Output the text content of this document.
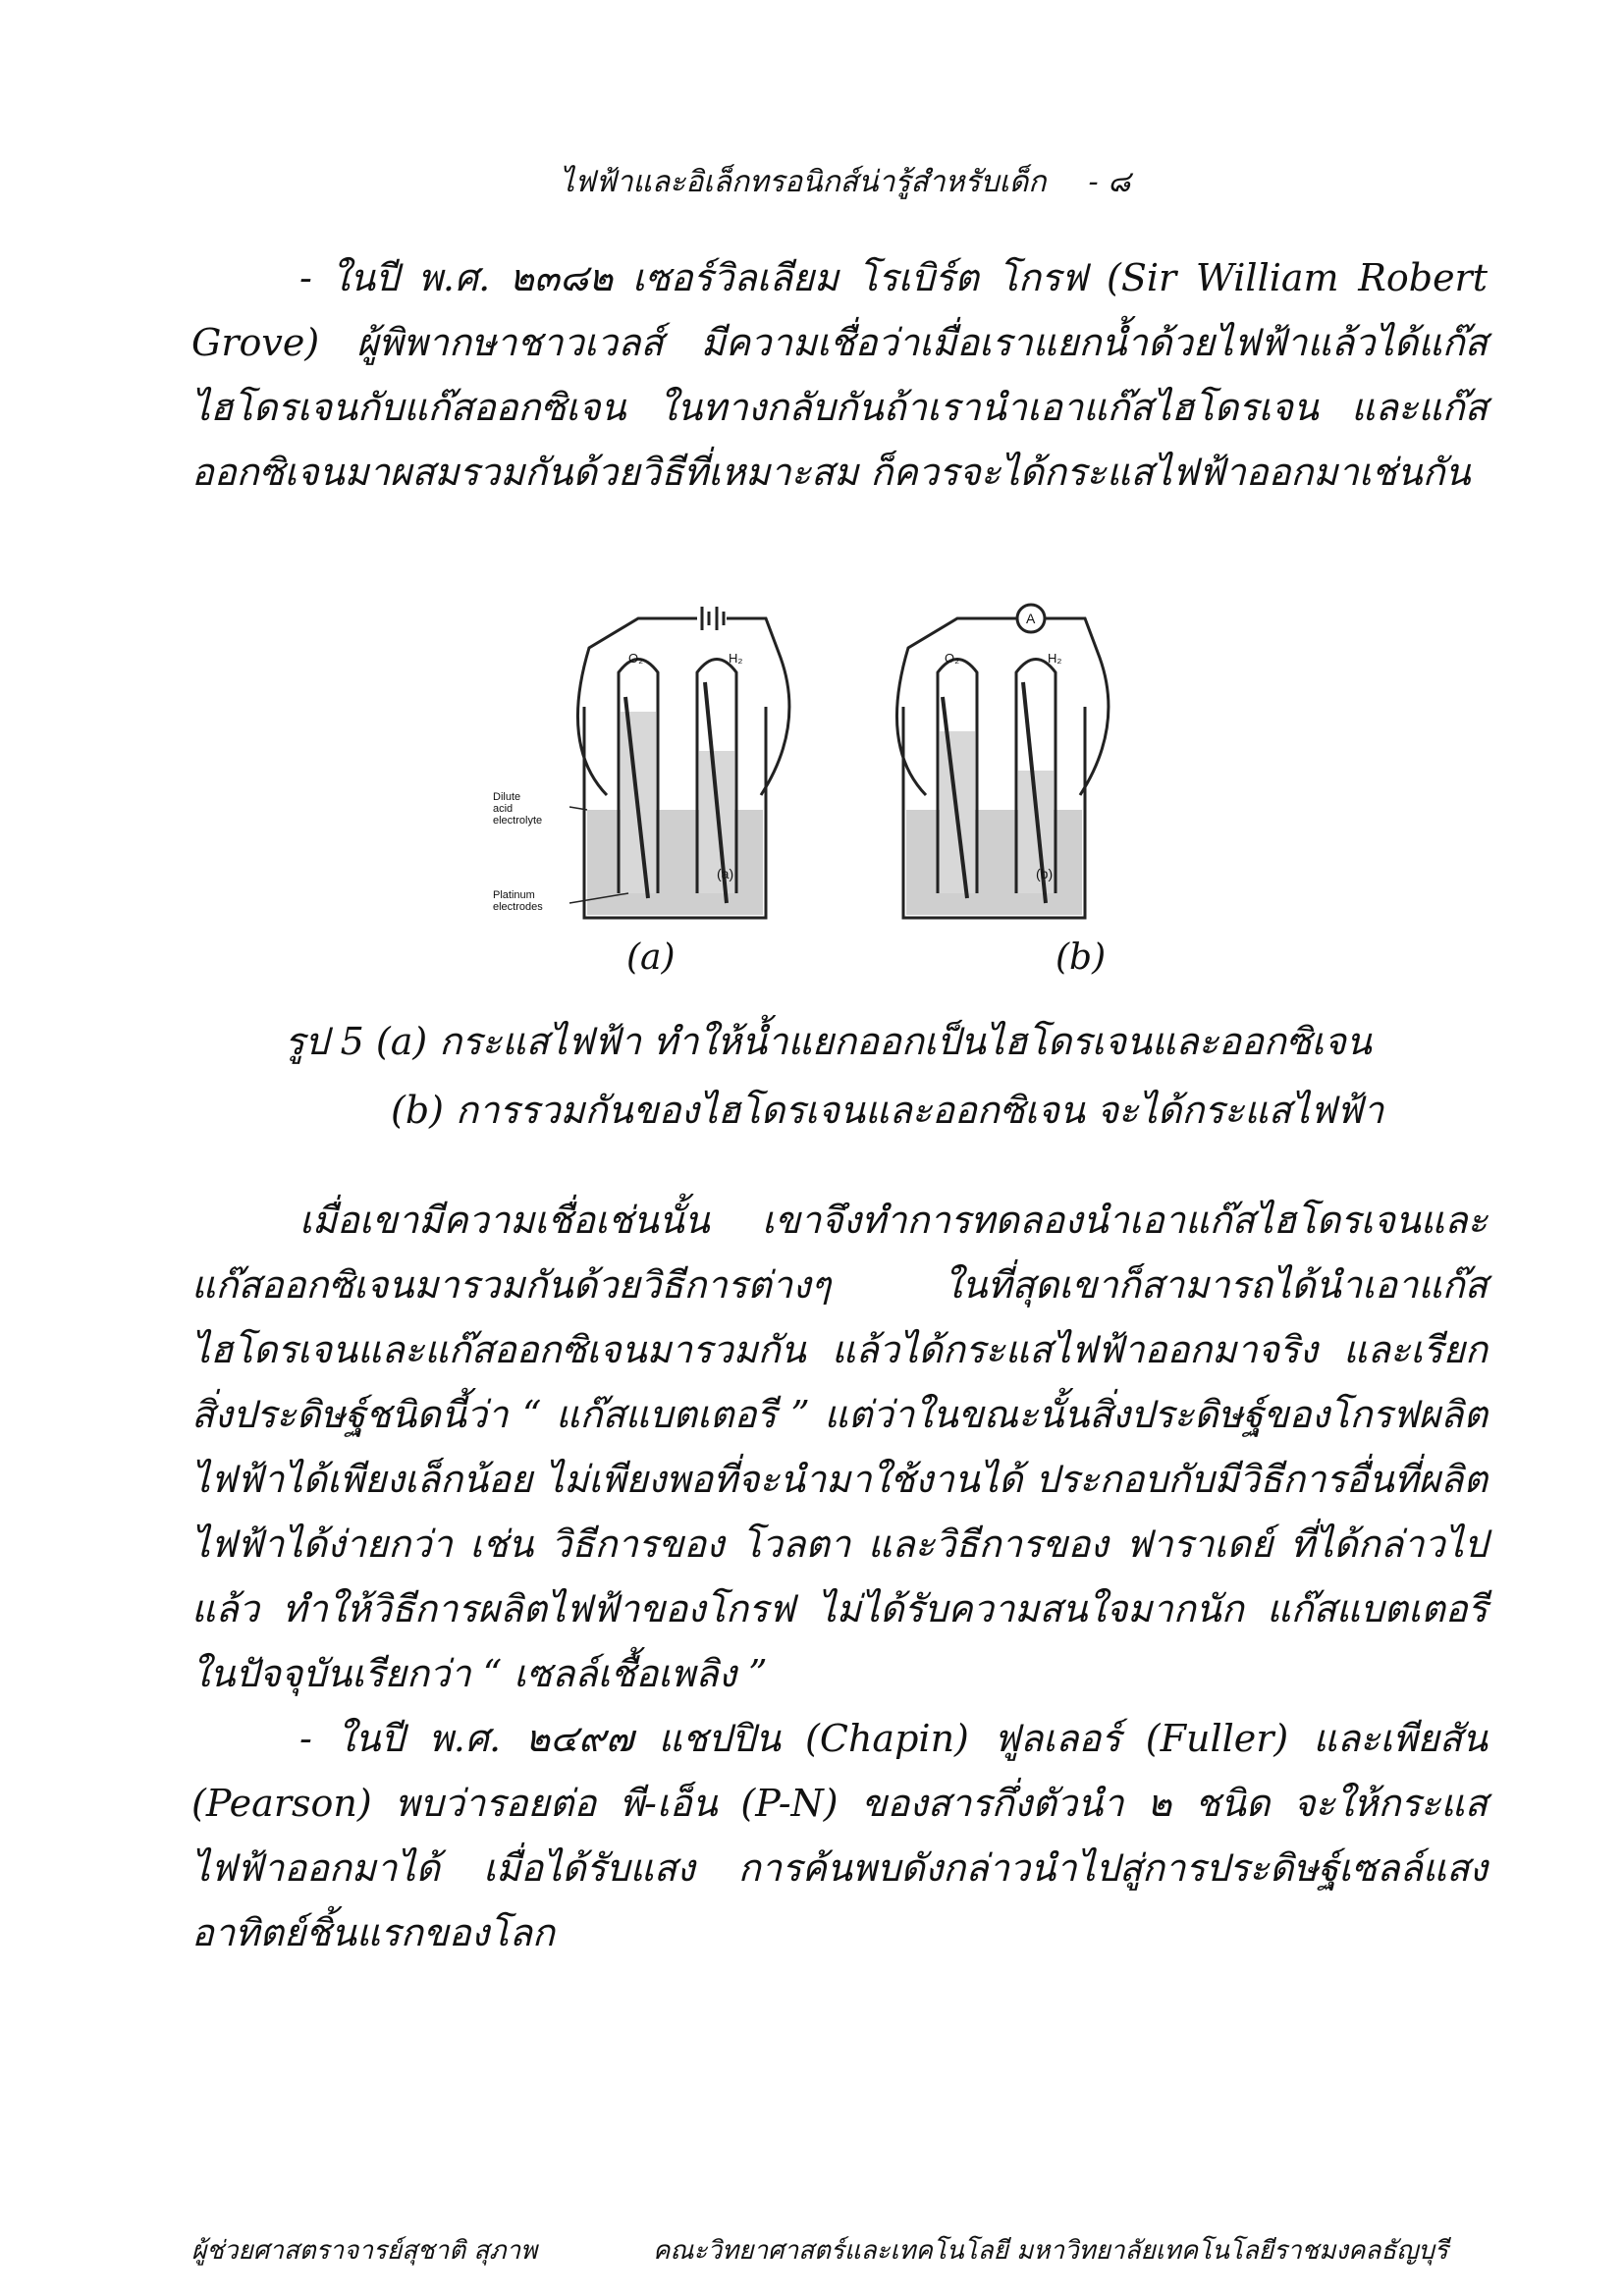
ไฟฟ้าและอิเล็กทรอนิกส์น่ารู้สำหรับเด็ก - ๘

- ในปี พ.ศ. ๒๓๘๒ เซอร์วิลเลียม โรเบิร์ต โกรฟ (Sir William Robert Grove) ผู้พิพากษาชาวเวลส์ มีความเชื่อว่าเมื่อเราแยกน้ำด้วยไฟฟ้าแล้วได้แก๊สไฮโดรเจนกับแก๊สออกซิเจน ในทางกลับกันถ้าเรานำเอาแก๊สไฮโดรเจน และแก๊สออกซิเจนมาผสมรวมกันด้วยวิธีที่เหมาะสม ก็ควรจะได้กระแสไฟฟ้าออกมาเช่นกัน

O₂	H₂	O₂	H₂
A
Dilute
acid
electrolyte
Platinum
electrodes
(a)	(b)
(a)	(b)
รูป 5 (a) กระแสไฟฟ้า ทำให้น้ำแยกออกเป็นไฮโดรเจนและออกซิเจน
(b) การรวมกันของไฮโดรเจนและออกซิเจน จะได้กระแสไฟฟ้า

เมื่อเขามีความเชื่อเช่นนั้น เขาจึงทำการทดลองนำเอาแก๊สไฮโดรเจนและแก๊สออกซิเจนมารวมกันด้วยวิธีการต่างๆ ในที่สุดเขาก็สามารถได้นำเอาแก๊ส ไฮโดรเจนและแก๊สออกซิเจนมารวมกัน แล้วได้กระแสไฟฟ้าออกมาจริง และเรียกสิ่งประดิษฐ์ชนิดนี้ว่า “ แก๊สแบตเตอรี ” แต่ว่าในขณะนั้นสิ่งประดิษฐ์ของโกรฟผลิตไฟฟ้าได้เพียงเล็กน้อย ไม่เพียงพอที่จะนำมาใช้งานได้ ประกอบกับมีวิธีการอื่นที่ผลิตไฟฟ้าได้ง่ายกว่า เช่น วิธีการของ โวลตา และวิธีการของ ฟาราเดย์ ที่ได้กล่าวไปแล้ว ทำให้วิธีการผลิตไฟฟ้าของโกรฟ ไม่ได้รับความสนใจมากนัก แก๊สแบตเตอรีในปัจจุบันเรียกว่า “ เซลล์เชื้อเพลิง ”

- ในปี พ.ศ. ๒๔๙๗ แชปปิน (Chapin) ฟูลเลอร์ (Fuller) และเพียสัน (Pearson) พบว่ารอยต่อ พี-เอ็น (P-N) ของสารกึ่งตัวนำ ๒ ชนิด จะให้กระแสไฟฟ้าออกมาได้ เมื่อได้รับแสง การค้นพบดังกล่าวนำไปสู่การประดิษฐ์เซลล์แสงอาทิตย์ชิ้นแรกของโลก

ผู้ช่วยศาสตราจารย์สุชาติ สุภาพ	คณะวิทยาศาสตร์และเทคโนโลยี มหาวิทยาลัยเทคโนโลยีราชมงคลธัญบุรี
